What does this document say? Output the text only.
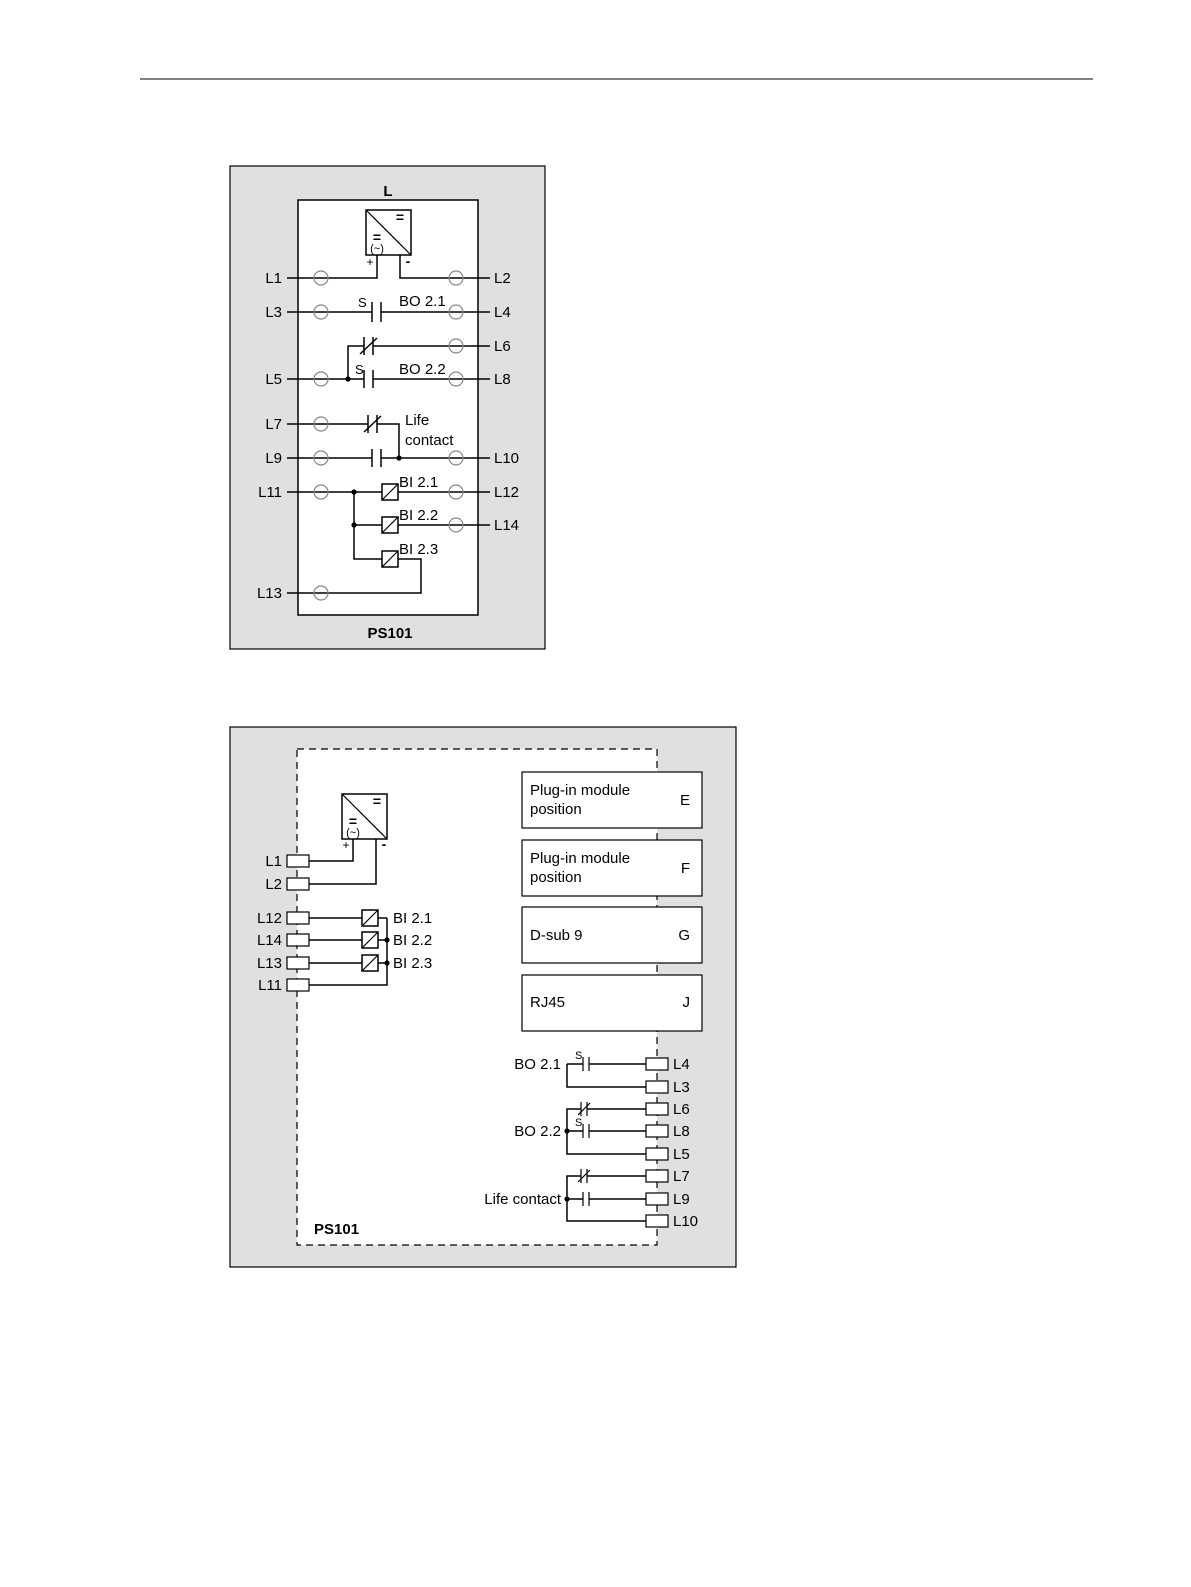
L
PS101
=
=
(~)
+ -
L1
L3
L5
L7
L9
L11
L13
L2
L4
L6
L8
L10
L12
L14
S BO 2.1
S BO 2.2
Life
contact
BI 2.1
BI 2.2
BI 2.3
PS101
=
=
(~)
+ -
L1
L2
L12
L14
L13
L11
BI 2.1
BI 2.2
BI 2.3
Plug-in module
position
E
Plug-in module
position
F
D-sub 9	G
RJ45	J
L4
L3
L6
L8
L5
L7
L9
L10
BO 2.1 S
BO 2.2 S
Life contact
